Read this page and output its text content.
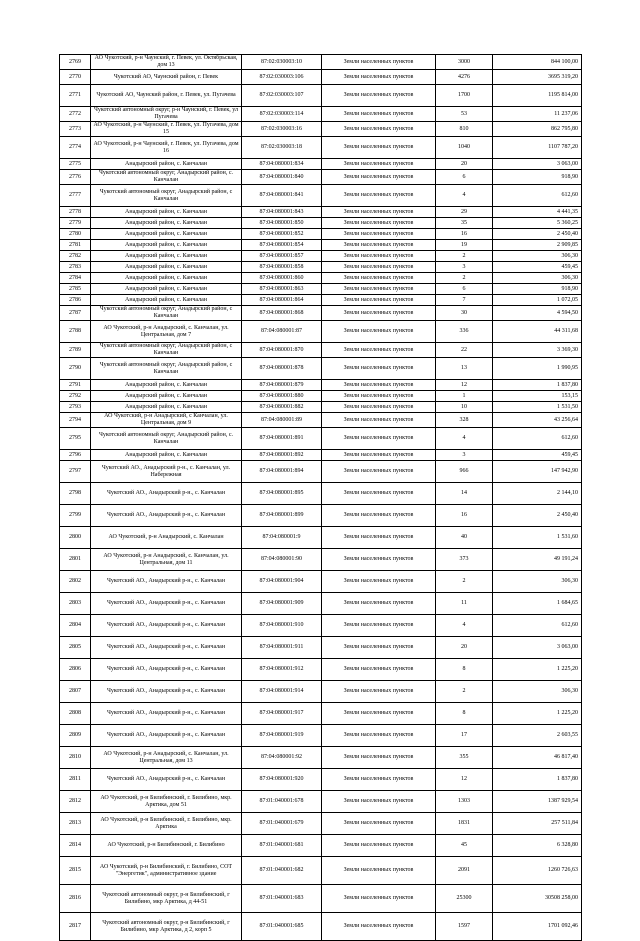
2769	АО Чукотский, р-н Чаунский, г. Певек, ул. Октябрьская, дом 13	87:02:030003:10	Земли населенных пунктов	3000	844 100,00
2770	Чукотский АО, Чаунский район, г. Певек	87:02:030003:106	Земли населенных пунктов	4276	3695 319,20
2771	Чукотский АО, Чаунский район, г. Певек, ул. Пугачева	87:02:030003:107	Земли населенных пунктов	1700	1195 814,00
2772	Чукотский автономный округ, р-н Чаунский, г. Певек, ул Пугачева	87:02:030003:114	Земли населенных пунктов	53	11 237,06
2773	АО Чукотский, р-н Чаунский, г. Певек, ул. Пугачева, дом 15	87:02:030003:16	Земли населенных пунктов	810	862 795,80
2774	АО Чукотский, р-н Чаунский, г. Певек, ул. Пугачева, дом 16	87:02:030003:18	Земли населенных пунктов	1040	1107 787,20
2775	Анадырский район, с. Канчалан	87:04:080001:834	Земли населенных пунктов	20	3 063,00
2776	Чукотский автономный округ, Анадырский район, с. Канчалан	87:04:080001:840	Земли населенных пунктов	6	918,90
2777	Чукотский автономный округ, Анадырский район, с Канчалан	87:04:080001:841	Земли населенных пунктов	4	612,60
2778	Анадырский район, с. Канчалан	87:04:080001:843	Земли населенных пунктов	29	4 441,35
2779	Анадырский район, с. Канчалан	87:04:080001:850	Земли населенных пунктов	35	5 360,25
2780	Анадырский район, с. Канчалан	87:04:080001:852	Земли населенных пунктов	16	2 450,40
2781	Анадырский район, с. Канчалан	87:04:080001:854	Земли населенных пунктов	19	2 909,85
2782	Анадырский район, с. Канчалан	87:04:080001:857	Земли населенных пунктов	2	306,30
2783	Анадырский район, с. Канчалан	87:04:080001:858	Земли населенных пунктов	3	459,45
2784	Анадырский район, с. Канчалан	87:04:080001:860	Земли населенных пунктов	2	306,30
2785	Анадырский район, с. Канчалан	87:04:080001:863	Земли населенных пунктов	6	918,90
2786	Анадырский район, с. Канчалан	87:04:080001:864	Земли населенных пунктов	7	1 072,05
2787	Чукотский автономный округ, Анадырский район, с Канчалан	87:04:080001:868	Земли населенных пунктов	30	4 594,50
2788	АО Чукотский, р-н Анадырский, с. Канчалан, ул. Центральная, дом 7	87:04:080001:87	Земли населенных пунктов	336	44 311,68
2789	Чукотский автономный округ, Анадырский район, с Канчалан	87:04:080001:870	Земли населенных пунктов	22	3 369,30
2790	Чукотский автономный округ, Анадырский район, с Канчалан	87:04:080001:878	Земли населенных пунктов	13	1 990,95
2791	Анадырский район, с. Канчалан	87:04:080001:879	Земли населенных пунктов	12	1 837,80
2792	Анадырский район, с. Канчалан	87:04:080001:880	Земли населенных пунктов	1	153,15
2793	Анадырский район, с. Канчалан	87:04:080001:882	Земли населенных пунктов	10	1 531,50
2794	АО Чукотский, р-н Анадырский, с Канчалан, ул. Центральная, дом 9	87:04:080001:89	Земли населенных пунктов	328	43 256,64
2795	Чукотский автономный округ, Анадырский район, с. Канчалан	87:04:080001:891	Земли населенных пунктов	4	612,60
2796	Анадырский район, с. Канчалан	87:04:080001:892	Земли населенных пунктов	3	459,45
2797	Чукотский АО., Анадырский р-н., с. Канчалан, ул. Набережная	87:04:080001:894	Земли населенных пунктов	966	147 942,90
2798	Чукотский АО., Анадырский р-н., с. Канчалан	87:04:080001:895	Земли населенных пунктов	14	2 144,10
2799	Чукотский АО., Анадырский р-н., с. Канчалан	87:04:080001:899	Земли населенных пунктов	16	2 450,40
2800	АО Чукотский, р-н Анадырский, с. Канчалан	87:04:080001:9	Земли населенных пунктов	40	1 531,60
2801	АО Чукотский, р-н Анадырский, с. Канчалан, ул. Центральная, дом 11	87:04:080001:90	Земли населенных пунктов	373	49 191,24
2802	Чукотский АО., Анадырский р-н., с. Канчалан	87:04:080001:904	Земли населенных пунктов	2	306,30
2803	Чукотский АО., Анадырский р-н., с. Канчалан	87:04:080001:909	Земли населенных пунктов	11	1 684,65
2804	Чукотский АО., Анадырский р-н., с. Канчалан	87:04:080001:910	Земли населенных пунктов	4	612,60
2805	Чукотский АО., Анадырский р-н., с. Канчалан	87:04:080001:911	Земли населенных пунктов	20	3 063,00
2806	Чукотский АО., Анадырский р-н., с. Канчалан	87:04:080001:912	Земли населенных пунктов	8	1 225,20
2807	Чукотский АО., Анадырский р-н., с. Канчалан	87:04:080001:914	Земли населенных пунктов	2	306,30
2808	Чукотский АО., Анадырский р-н., с. Канчалан	87:04:080001:917	Земли населенных пунктов	8	1 225,20
2809	Чукотский АО., Анадырский р-н., с. Канчалан	87:04:080001:919	Земли населенных пунктов	17	2 603,55
2810	АО Чукотский, р-н Анадырский, с. Канчалан, ул. Центральная, дом 13	87:04:080001:92	Земли населенных пунктов	355	46 817,40
2811	Чукотский АО., Анадырский р-н., с. Канчалан	87:04:080001:920	Земли населенных пунктов	12	1 837,80
2812	АО Чукотский, р-н Билибинский, г. Билибино, мкр. Арктика, дом 51	87:01:040001:678	Земли населенных пунктов	1303	1387 929,54
2813	АО Чукотский, р-н Билибинский, г. Билибино, мкр. Арктика	87:01:040001:679	Земли населенных пунктов	1831	257 511,84
2814	АО Чукотский, р-н Билибинский, г. Билибино	87:01:040001:681	Земли населенных пунктов	45	6 328,80
2815	АО Чукотский, р-н Билибинский, г. Билибино, СОТ "Энергетик", административное здание	87:01:040001:682	Земли населенных пунктов	2091	1260 726,63
2816	Чукотский автономный округ, р-н Билибинский, г Билибино, мкр Арктика, д 44-51	87:01:040001:683	Земли населенных пунктов	25300	30508 258,00
2817	Чукотский автономный округ, р-н Билибинский, г Билибино, мкр Арктика, д 2, корп 5	87:01:040001:685	Земли населенных пунктов	1597	1701 092,46
